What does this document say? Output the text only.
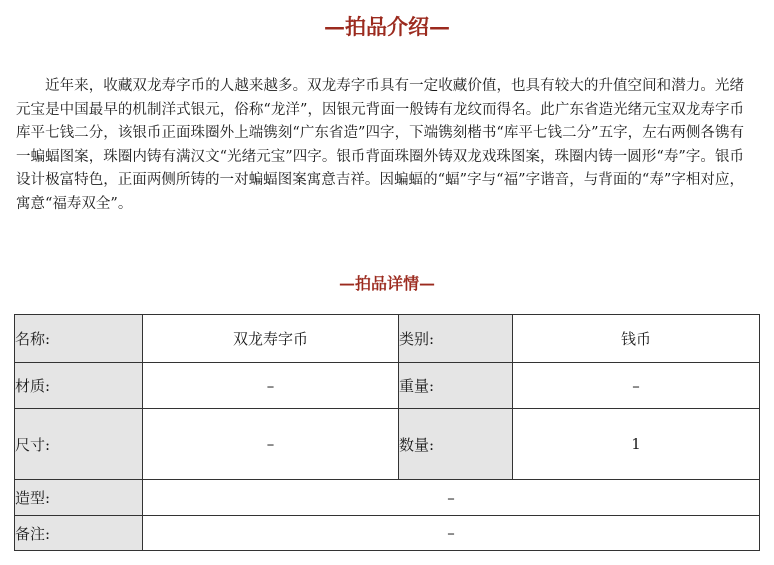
—拍品介绍—

近年来，收藏双龙寿字币的人越来越多。双龙寿字币具有一定收藏价值，也具有较大的升值空间和潜力。光绪元宝是中国最早的机制洋式银元，俗称“龙洋”，因银元背面一般铸有龙纹而得名。此广东省造光绪元宝双龙寿字币库平七钱二分，该银币正面珠圈外上端镌刻“广东省造”四字，下端镌刻楷书“库平七钱二分”五字，左右两侧各镌有一蝙蝠图案，珠圈内铸有满汉文“光绪元宝”四字。银币背面珠圈外铸双龙戏珠图案，珠圈内铸一圆形“寿”字。银币设计极富特色，正面两侧所铸的一对蝙蝠图案寓意吉祥。因蝙蝠的“蝠”字与“福”字谐音，与背面的“寿”字相对应，寓意“福寿双全”。

—拍品详情—
名称:	双龙寿字币	类别:	钱币
材质:	–	重量:	–
尺寸:	–	数量:	1
造型:	–		
备注:	–		
